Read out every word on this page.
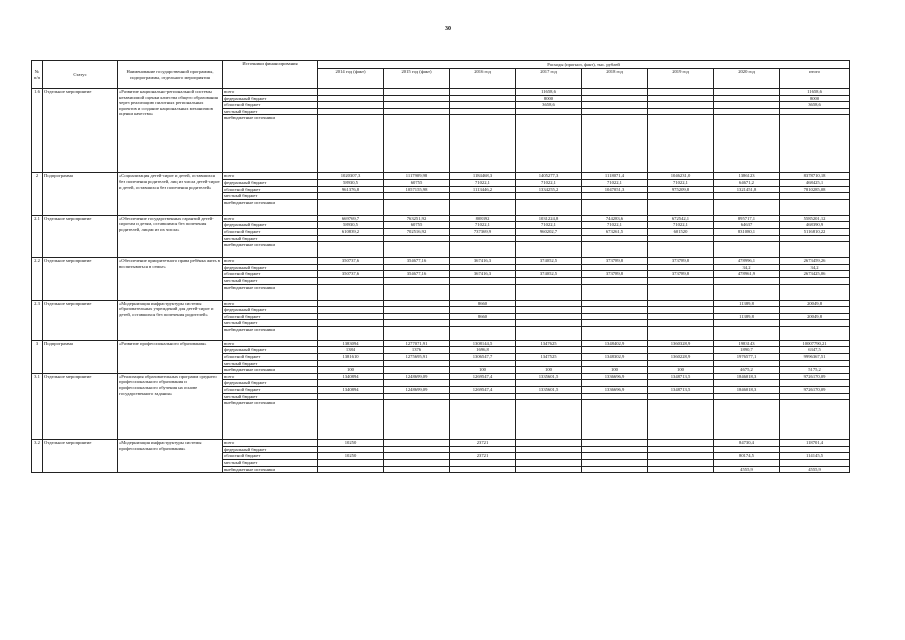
30
№ п/п	Статус	Наименование государственной программы, подпрограммы, отдельного мероприятия	Источники финансирования	Расходы (прогноз, факт), тыс. рублей							
				2014 год (факт)	2015 год (факт)	2016 год	2017 год	2018 год	2019 год	2020 год	итого
1.6	Отдельное мероприятие	«Развитие национально-региональной системы независимой оценки качества общего образования через реализацию пилотных региональных проектов и создание национальных механизмов оценки качества»	всего				11658,6				11658,6
			федеральный бюджет				8000				8000
			областной бюджет				3658,6				3658,6
			местный бюджет								
			внебюджетные источники								
2	Подпрограмма	«Социализация детей-сирот и детей, оставшихся без попечения родителей, лиц из числа детей-сирот и детей, оставшихся без попечения родителей»	всего	1020307,3	1117909,98	1184468,3	1405277,3	1118071,4	1046231,0	1386123	8378710,18
			федеральный бюджет	58930,5	60755	71022,1	71022,1	71022,1	71022,1	64671,2	468425,1
			областной бюджет	961376,8	1057155,98	1113446,2	1334255,2	1047051,3	975209,8	1321451,8	7810285,08
			местный бюджет								
			внебюджетные источники								
2.1	Отдельное мероприятие	«Обеспечение государственных гарантий детей-сиротам и детям, оставшимся без попечения родителей, лицам из их числа»	всего	669769,7	763251,92	808392	1031224,8	744283,6	672542,1	895717,1	5585201,12
			федеральный бюджет	58930,5	60755	71022,1	71022,1	71022,1	71022,1	64637	468390,9
			областной бюджет	610839,2	702516,92	737369,9	960202,7	673261,5	601520	831080,1	5116810,22
			местный бюджет								
			внебюджетные источники								
2.2	Отдельное мероприятие	«Обеспечение приоритетного права ребёнка жить в воспитываться в семье»	всего	350737,6	354677,16	367416,3	374052,5	373789,8	373789,8	478996,1	2673459,26
			федеральный бюджет							34,2	34,2
			областной бюджет	350737,6	354677,16	367416,3	374052,5	373789,8	373789,8	478961,9	2673425,06
			местный бюджет								
			внебюджетные источники								
2.3	Отдельное мероприятие	«Модернизация инфраструктуры системы образовательных учреждений для детей-сирот и детей, оставшихся без попечения родителей»	всего			8660				11389,8	20049,8
			федеральный бюджет								
			областной бюджет			8660				11389,8	20049,8
			местный бюджет								
			внебюджетные источники								
3	Подпрограмма	«Развитие профессионального образования»	всего	1383094	1277071,91	1308144,5	1347625	1348402,9	1360328,9	1983143	10007790,21
			федеральный бюджет	1384	1376	1696,8				1890,7	6347,5
			областной бюджет	1381610	1275695,91	1306547,7	1347525	1348302,9	1360228,9	1976577,1	9996367,51
			местный бюджет								
			внебюджетные источники	100		100	100	100	100	4675,2	5175,2
3.1	Отдельное мероприятие	«Реализация образовательных программ среднего профессионального образования и профессионального обучения на основе государственного задания»	всего	1340894	1248699,09	1269547,4	1335601,5	1336696,9	1348713,5	1846018,3	9726170,09
			федеральный бюджет								
			областной бюджет	1340894	1248699,09	1269547,4	1335601,5	1336696,9	1348713,5	1846018,3	9726170,09
			местный бюджет								
			внебюджетные источники								
3.2	Отдельное мероприятие	«Модернизация инфраструктуры системы профессионального образования»	всего	10250		23721				84730,4	118701,4
			федеральный бюджет								
			областной бюджет	10250		23721				80174,5	114145,5
			местный бюджет								
			внебюджетные источники							4555,9	4555,9
